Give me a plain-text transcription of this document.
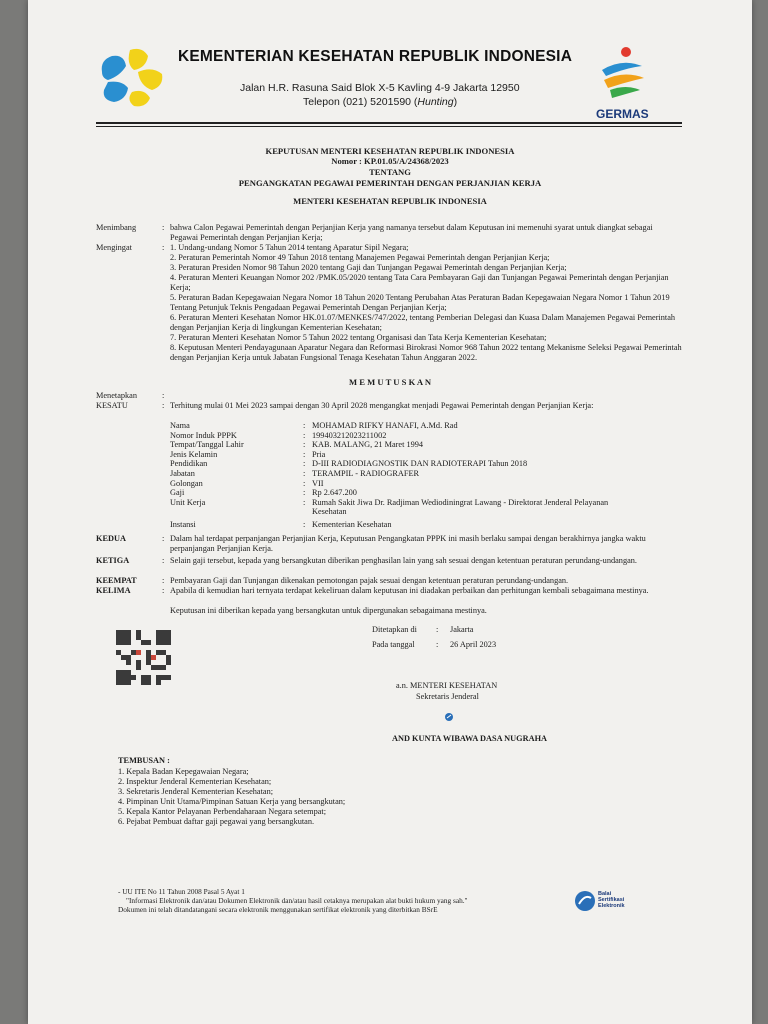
KEMENTERIAN KESEHATAN REPUBLIK INDONESIA
Jalan H.R. Rasuna Said Blok X-5 Kavling 4-9 Jakarta 12950
Telepon (021) 5201590 (Hunting)
GERMAS
KEPUTUSAN MENTERI KESEHATAN REPUBLIK INDONESIA
Nomor : KP.01.05/A/24368/2023
TENTANG
PENGANGKATAN PEGAWAI PEMERINTAH DENGAN PERJANJIAN KERJA
MENTERI KESEHATAN REPUBLIK INDONESIA
Menimbang	: bahwa Calon Pegawai Pemerintah dengan Perjanjian Kerja yang namanya tersebut dalam Keputusan ini memenuhi syarat untuk diangkat sebagai Pegawai Pemerintah dengan Perjanjian Kerja;
Mengingat	: 1. Undang-undang Nomor 5 Tahun 2014 tentang Aparatur Sipil Negara;
2. Peraturan Pemerintah Nomor 49 Tahun 2018 tentang Manajemen Pegawai Pemerintah dengan Perjanjian Kerja;
3. Peraturan Presiden Nomor 98 Tahun 2020 tentang Gaji dan Tunjangan Pegawai Pemerintah dengan Perjanjian Kerja;
4. Peraturan Menteri Keuangan Nomor 202 /PMK.05/2020 tentang Tata Cara Pembayaran Gaji dan Tunjangan Pegawai Pemerintah dengan Perjanjian Kerja;
5. Peraturan Badan Kepegawaian Negara Nomor 18 Tahun 2020 Tentang Perubahan Atas Peraturan Badan Kepegawaian Negara Nomor 1 Tahun 2019 Tentang Petunjuk Teknis Pengadaan Pegawai Pemerintah Dengan Perjanjian Kerja;
6. Peraturan Menteri Kesehatan Nomor HK.01.07/MENKES/747/2022, tentang Pemberian Delegasi dan Kuasa Dalam Manajemen Pegawai Pemerintah dengan Perjanjian Kerja di lingkungan Kementerian Kesehatan;
7. Peraturan Menteri Kesehatan Nomor 5 Tahun 2022 tentang Organisasi dan Tata Kerja Kementerian Kesehatan;
8. Keputusan Menteri Pendayagunaan Aparatur Negara dan Reformasi Birokrasi Nomor 968 Tahun 2022 tentang Mekanisme Seleksi Pegawai Pemerintah dengan Perjanjian Kerja untuk Jabatan Fungsional Tenaga Kesehatan Tahun Anggaran 2022.
M E M U T U S K A N
Menetapkan	:
KESATU	: Terhitung mulai 01 Mei 2023 sampai dengan 30 April 2028 mengangkat menjadi Pegawai Pemerintah dengan Perjanjian Kerja:
Nama	: MOHAMAD RIFKY HANAFI, A.Md. Rad
Nomor Induk PPPK	: 199403212023211002
Tempat/Tanggal Lahir	: KAB. MALANG, 21 Maret 1994
Jenis Kelamin	: Pria
Pendidikan	: D-III RADIODIAGNOSTIK DAN RADIOTERAPI Tahun 2018
Jabatan	: TERAMPIL - RADIOGRAFER
Golongan	: VII
Gaji	: Rp 2.647.200
Unit Kerja	: Rumah Sakit Jiwa Dr. Radjiman Wediodiningrat Lawang - Direktorat Jenderal Pelayanan Kesehatan
Instansi	: Kementerian Kesehatan
KEDUA	: Dalam hal terdapat perpanjangan Perjanjian Kerja, Keputusan Pengangkatan PPPK ini masih berlaku sampai dengan berakhirnya jangka waktu perpanjangan Perjanjian Kerja.
KETIGA	: Selain gaji tersebut, kepada yang bersangkutan diberikan penghasilan lain yang sah sesuai dengan ketentuan peraturan perundang-undangan.
KEEMPAT	: Pembayaran Gaji dan Tunjangan dikenakan pemotongan pajak sesuai dengan ketentuan peraturan perundang-undangan.
KELIMA	: Apabila di kemudian hari ternyata terdapat kekeliruan dalam keputusan ini diadakan perbaikan dan perhitungan kembali sebagaimana mestinya.
Keputusan ini diberikan kepada yang bersangkutan untuk dipergunakan sebagaimana mestinya.
Ditetapkan di : Jakarta
Pada tanggal	: 26 April 2023
a.n. MENTERI KESEHATAN
Sekretaris Jenderal
AND KUNTA WIBAWA DASA NUGRAHA
TEMBUSAN :
1. Kepala Badan Kepegawaian Negara;
2. Inspektur Jenderal Kementerian Kesehatan;
3. Sekretaris Jenderal Kementerian Kesehatan;
4. Pimpinan Unit Utama/Pimpinan Satuan Kerja yang bersangkutan;
5. Kepala Kantor Pelayanan Perbendaharaan Negara setempat;
6. Pejabat Pembuat daftar gaji pegawai yang bersangkutan.
- UU ITE No 11 Tahun 2008 Pasal 5 Ayat 1
"Informasi Elektronik dan/atau Dokumen Elektronik dan/atau hasil cetaknya merupakan alat bukti hukum yang sah."
Dokumen ini telah ditandatangani secara elektronik menggunakan sertifikat elektronik yang diterbitkan BSrE
Balai
Sertifikasi
Elektronik
